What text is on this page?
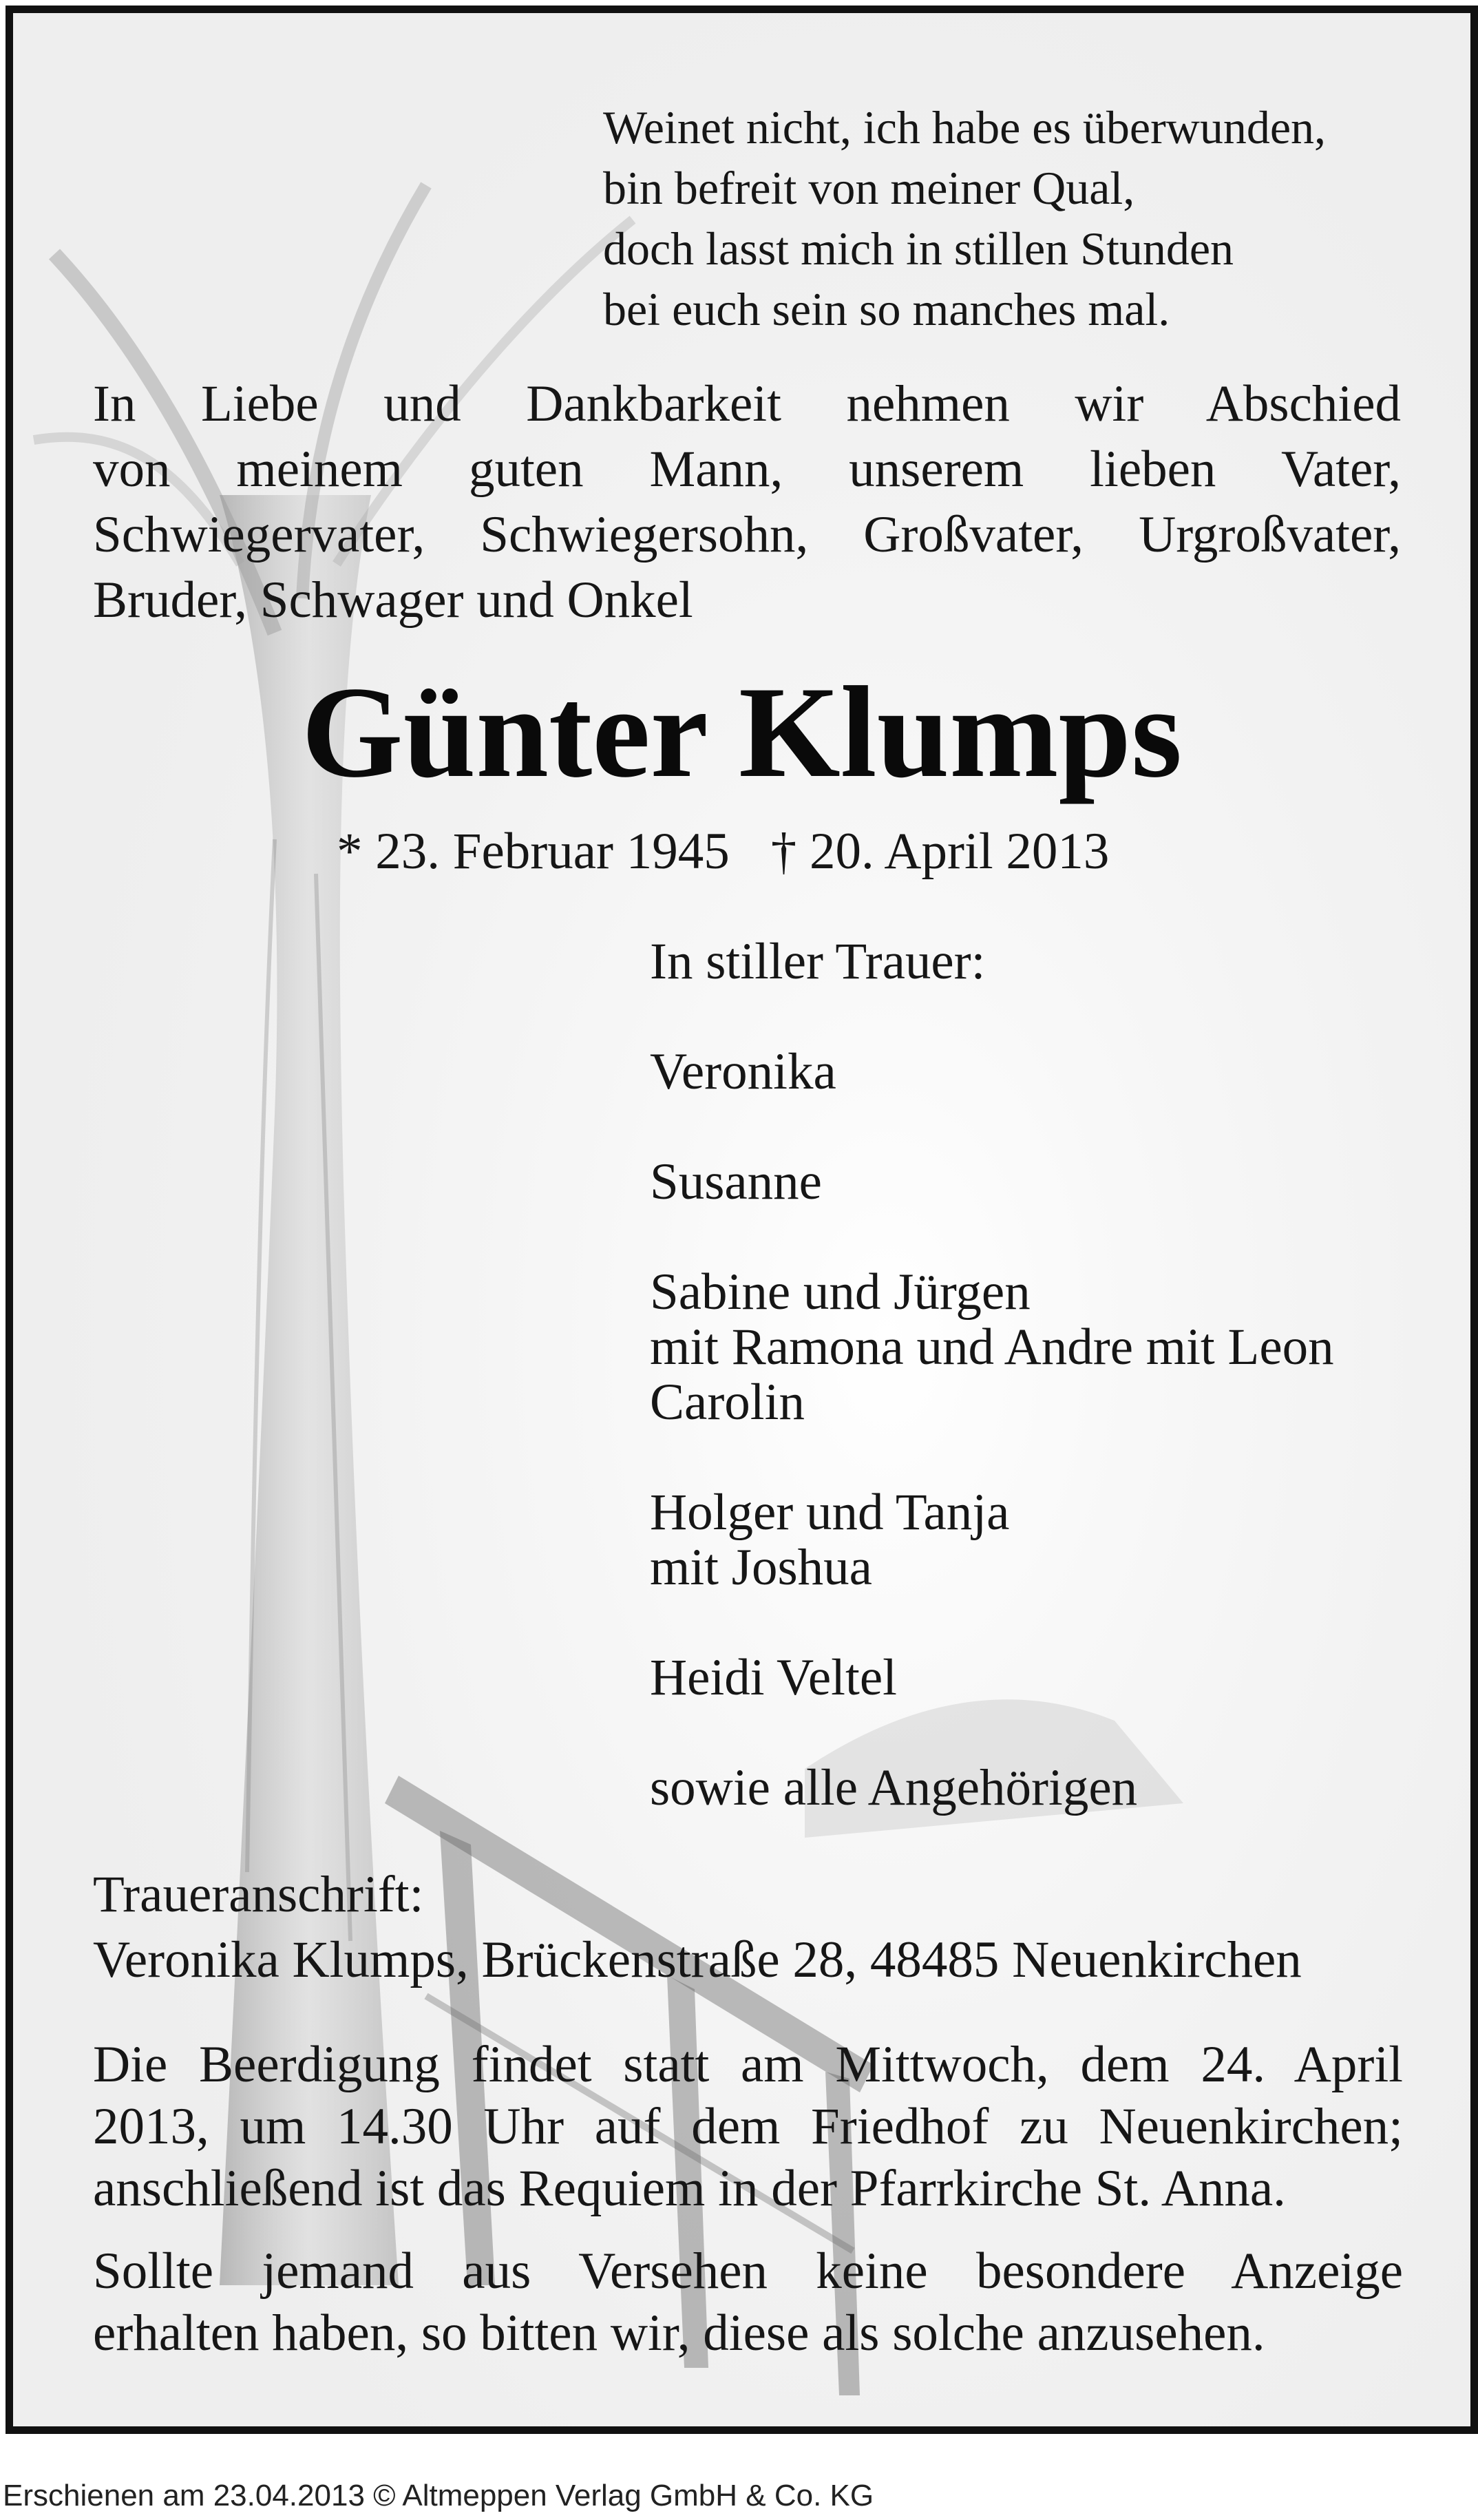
Weinet nicht, ich habe es überwunden,
bin befreit von meiner Qual,
doch lasst mich in stillen Stunden
bei euch sein so manches mal.
In Liebe und Dankbarkeit nehmen wir Abschied
von meinem guten Mann, unserem lieben Vater,
Schwiegervater, Schwiegersohn, Großvater, Urgroßvater,
Bruder, Schwager und Onkel
Günter Klumps
* 23. Februar 1945 † 20. April 2013
In stiller Trauer:
Veronika
Susanne
Sabine und Jürgen
mit Ramona und Andre mit Leon
Carolin
Holger und Tanja
mit Joshua
Heidi Veltel
sowie alle Angehörigen
Traueranschrift:
Veronika Klumps, Brückenstraße 28, 48485 Neuenkirchen
Die Beerdigung findet statt am Mittwoch, dem 24. April
2013, um 14.30 Uhr auf dem Friedhof zu Neuenkirchen;
anschließend ist das Requiem in der Pfarrkirche St. Anna.
Sollte jemand aus Versehen keine besondere Anzeige
erhalten haben, so bitten wir, diese als solche anzusehen.
Erschienen am 23.04.2013 © Altmeppen Verlag GmbH & Co. KG
